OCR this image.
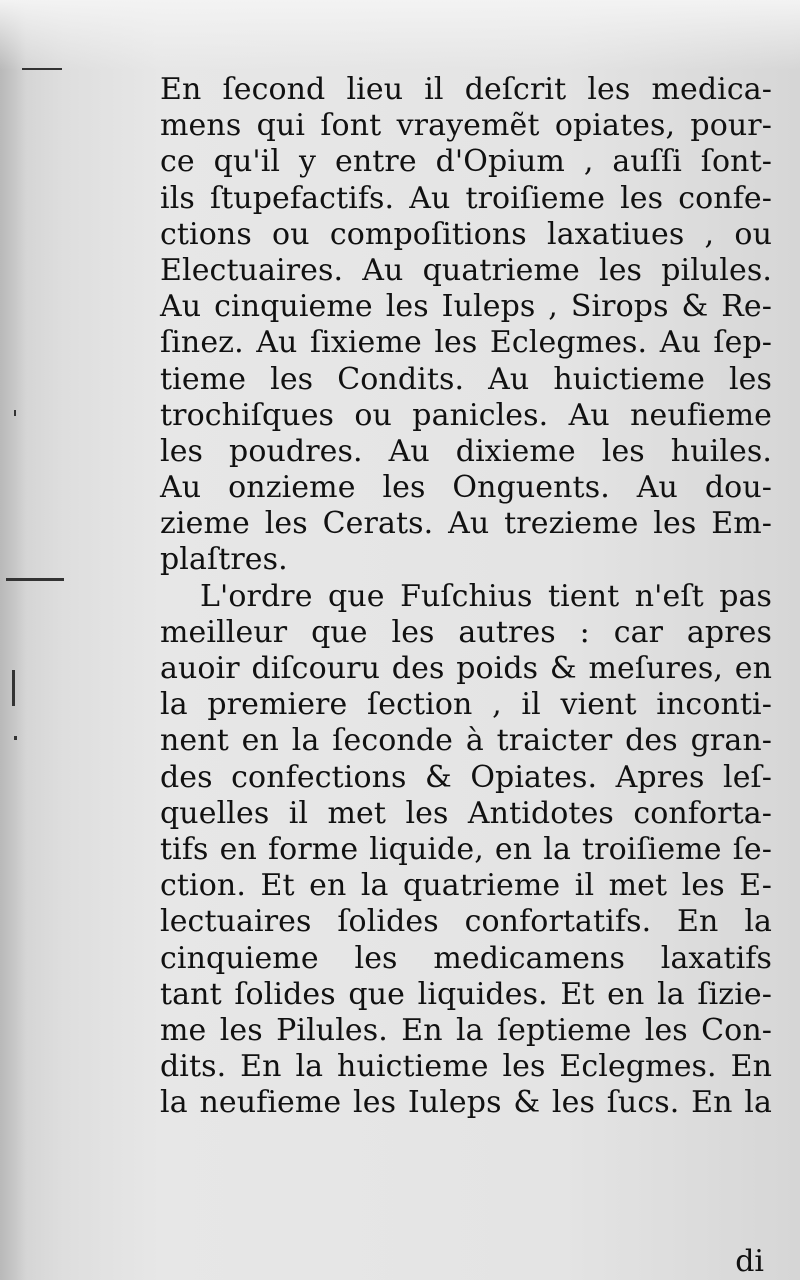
En ſecond lieu il deſcrit les medica-
mens qui ſont vrayemẽt opiates, pour-
ce qu'il y entre d'Opium , auſſi ſont-
ils ſtupefactifs. Au troiſieme les confe-
ctions ou compoſitions laxatiues , ou
Electuaires. Au quatrieme les pilules.
Au cinquieme les Iuleps , Sirops & Re-
ſinez. Au ſixieme les Eclegmes. Au ſep-
tieme les Condits. Au huictieme les
trochiſques ou panicles. Au neufieme
les poudres. Au dixieme les huiles.
Au onzieme les Onguents. Au dou-
zieme les Cerats. Au trezieme les Em-
plaſtres.
L'ordre que Fuſchius tient n'eſt pas
meilleur que les autres : car apres
auoir diſcouru des poids & meſures, en
la premiere ſection , il vient inconti-
nent en la ſeconde à traicter des gran-
des confections & Opiates. Apres leſ-
quelles il met les Antidotes conforta-
tifs en forme liquide, en la troiſieme ſe-
ction. Et en la quatrieme il met les E-
lectuaires ſolides confortatifs. En la
cinquieme les medicamens laxatifs
tant ſolides que liquides. Et en la ſizie-
me les Pilules. En la ſeptieme les Con-
dits. En la huictieme les Eclegmes. En
la neufieme les Iuleps & les ſucs. En la
di
